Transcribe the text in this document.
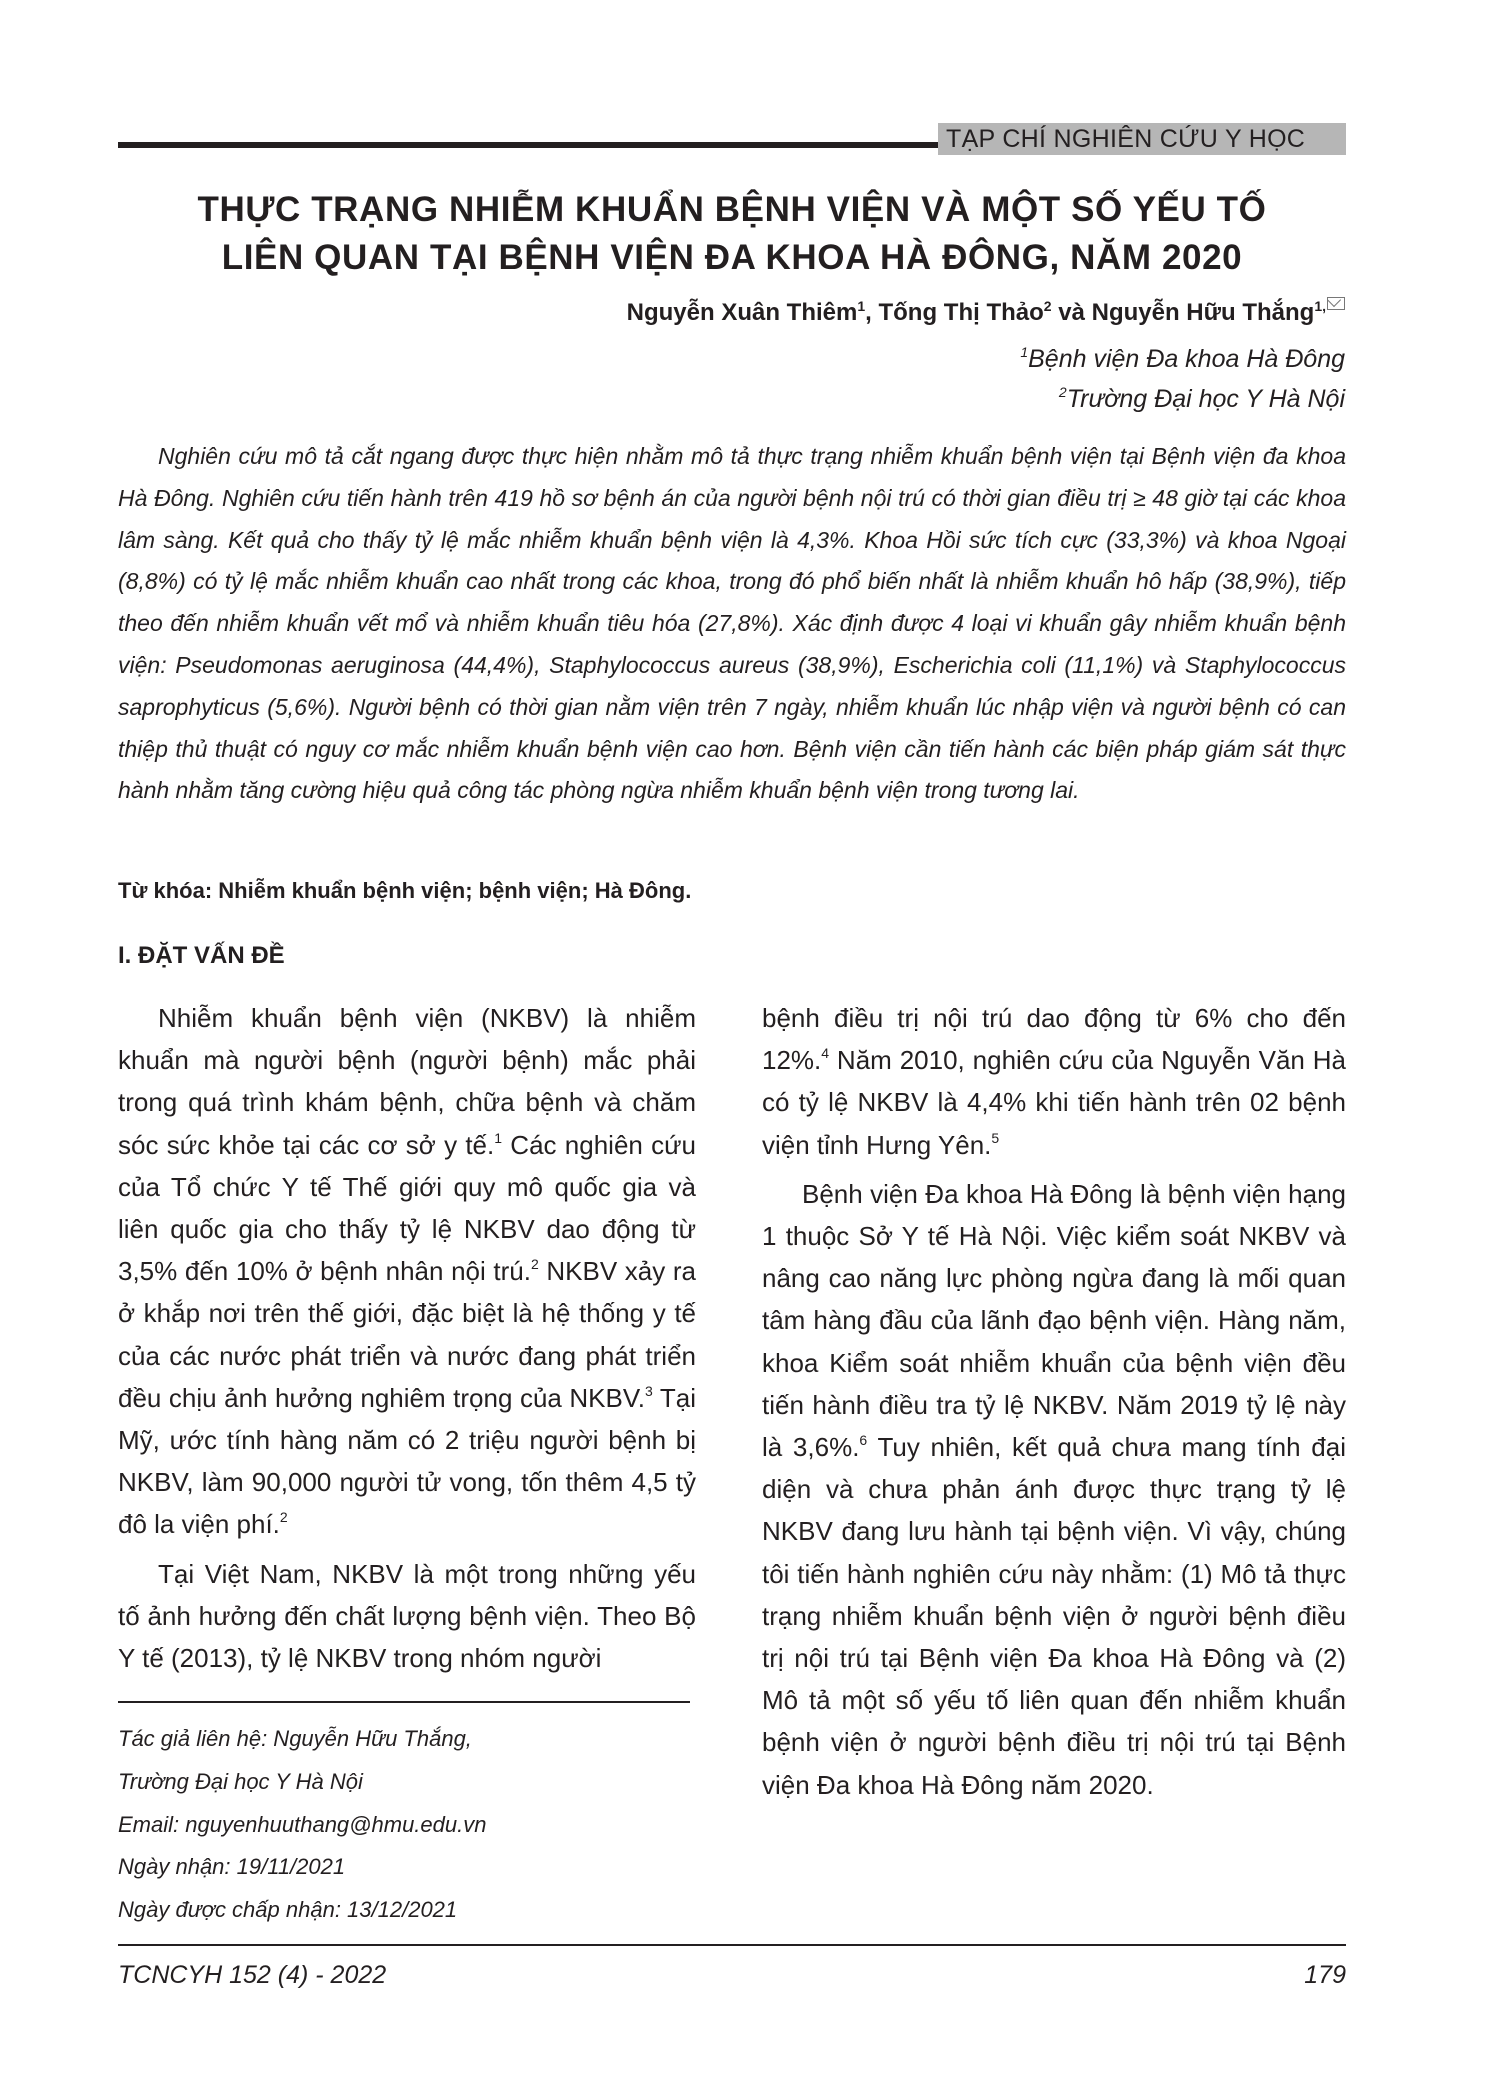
TẠP CHÍ NGHIÊN CỨU Y HỌC
THỰC TRẠNG NHIỄM KHUẨN BỆNH VIỆN VÀ MỘT SỐ YẾU TỐ
LIÊN QUAN TẠI BỆNH VIỆN ĐA KHOA HÀ ĐÔNG, NĂM 2020
Nguyễn Xuân Thiêm$^1$, Tống Thị Thảo$^2$ và Nguyễn Hữu Thắng$^{1,}$
$^1$Bệnh viện Đa khoa Hà Đông
$^2$Trường Đại học Y Hà Nội
Nghiên cứu mô tả cắt ngang được thực hiện nhằm mô tả thực trạng nhiễm khuẩn bệnh viện tại Bệnh viện đa khoa Hà Đông. Nghiên cứu tiến hành trên 419 hồ sơ bệnh án của người bệnh nội trú có thời gian điều trị ≥ 48 giờ tại các khoa lâm sàng. Kết quả cho thấy tỷ lệ mắc nhiễm khuẩn bệnh viện là 4,3%. Khoa Hồi sức tích cực (33,3%) và khoa Ngoại (8,8%) có tỷ lệ mắc nhiễm khuẩn cao nhất trong các khoa, trong đó phổ biến nhất là nhiễm khuẩn hô hấp (38,9%), tiếp theo đến nhiễm khuẩn vết mổ và nhiễm khuẩn tiêu hóa (27,8%). Xác định được 4 loại vi khuẩn gây nhiễm khuẩn bệnh viện: Pseudomonas aeruginosa (44,4%), Staphylococcus aureus (38,9%), Escherichia coli (11,1%) và Staphylococcus saprophyticus (5,6%). Người bệnh có thời gian nằm viện trên 7 ngày, nhiễm khuẩn lúc nhập viện và người bệnh có can thiệp thủ thuật có nguy cơ mắc nhiễm khuẩn bệnh viện cao hơn. Bệnh viện cần tiến hành các biện pháp giám sát thực hành nhằm tăng cường hiệu quả công tác phòng ngừa nhiễm khuẩn bệnh viện trong tương lai.
Từ khóa: Nhiễm khuẩn bệnh viện; bệnh viện; Hà Đông.
I. ĐẶT VẤN ĐỀ

Nhiễm khuẩn bệnh viện (NKBV) là nhiễm khuẩn mà người bệnh (người bệnh) mắc phải trong quá trình khám bệnh, chữa bệnh và chăm sóc sức khỏe tại các cơ sở y tế.$^1$ Các nghiên cứu của Tổ chức Y tế Thế giới quy mô quốc gia và liên quốc gia cho thấy tỷ lệ NKBV dao động từ 3,5% đến 10% ở bệnh nhân nội trú.$^2$ NKBV xảy ra ở khắp nơi trên thế giới, đặc biệt là hệ thống y tế của các nước phát triển và nước đang phát triển đều chịu ảnh hưởng nghiêm trọng của NKBV.$^3$ Tại Mỹ, ước tính hàng năm có 2 triệu người bệnh bị NKBV, làm 90,000 người tử vong, tốn thêm 4,5 tỷ đô la viện phí.$^2$

Tại Việt Nam, NKBV là một trong những yếu tố ảnh hưởng đến chất lượng bệnh viện. Theo Bộ Y tế (2013), tỷ lệ NKBV trong nhóm người

bệnh điều trị nội trú dao động từ 6% cho đến 12%.$^4$ Năm 2010, nghiên cứu của Nguyễn Văn Hà có tỷ lệ NKBV là 4,4% khi tiến hành trên 02 bệnh viện tỉnh Hưng Yên.$^5$

Bệnh viện Đa khoa Hà Đông là bệnh viện hạng 1 thuộc Sở Y tế Hà Nội. Việc kiểm soát NKBV và nâng cao năng lực phòng ngừa đang là mối quan tâm hàng đầu của lãnh đạo bệnh viện. Hàng năm, khoa Kiểm soát nhiễm khuẩn của bệnh viện đều tiến hành điều tra tỷ lệ NKBV. Năm 2019 tỷ lệ này là 3,6%.$^6$ Tuy nhiên, kết quả chưa mang tính đại diện và chưa phản ánh được thực trạng tỷ lệ NKBV đang lưu hành tại bệnh viện. Vì vậy, chúng tôi tiến hành nghiên cứu này nhằm: (1) Mô tả thực trạng nhiễm khuẩn bệnh viện ở người bệnh điều trị nội trú tại Bệnh viện Đa khoa Hà Đông và (2) Mô tả một số yếu tố liên quan đến nhiễm khuẩn bệnh viện ở người bệnh điều trị nội trú tại Bệnh viện Đa khoa Hà Đông năm 2020.

Tác giả liên hệ: Nguyễn Hữu Thắng,
Trường Đại học Y Hà Nội
Email: nguyenhuuthang@hmu.edu.vn
Ngày nhận: 19/11/2021
Ngày được chấp nhận: 13/12/2021
TCNCYH 152 (4) - 2022	179
